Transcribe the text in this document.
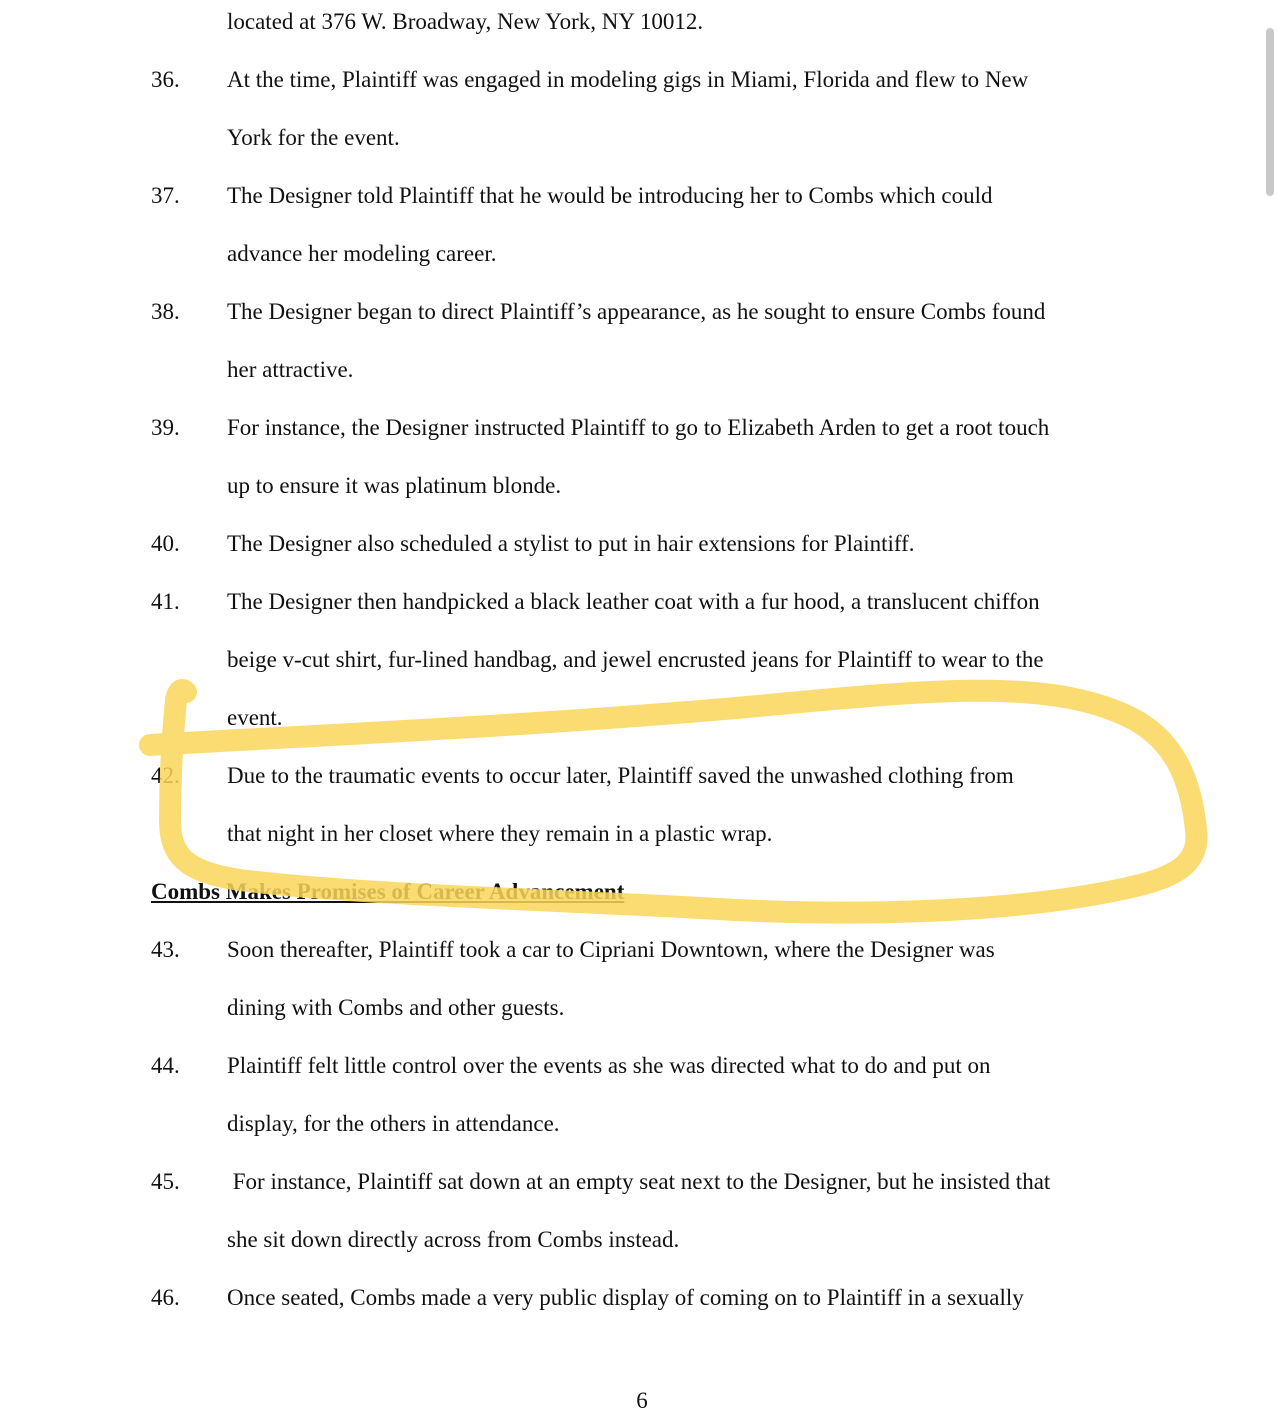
located at 376 W. Broadway, New York, NY 10012.
36. At the time, Plaintiff was engaged in modeling gigs in Miami, Florida and flew to New
York for the event.
37. The Designer told Plaintiff that he would be introducing her to Combs which could
advance her modeling career.
38. The Designer began to direct Plaintiff’s appearance, as he sought to ensure Combs found
her attractive.
39. For instance, the Designer instructed Plaintiff to go to Elizabeth Arden to get a root touch
up to ensure it was platinum blonde.
40. The Designer also scheduled a stylist to put in hair extensions for Plaintiff.
41. The Designer then handpicked a black leather coat with a fur hood, a translucent chiffon
beige v-cut shirt, fur-lined handbag, and jewel encrusted jeans for Plaintiff to wear to the
event.
42. Due to the traumatic events to occur later, Plaintiff saved the unwashed clothing from
that night in her closet where they remain in a plastic wrap.
Combs Makes Promises of Career Advancement
43. Soon thereafter, Plaintiff took a car to Cipriani Downtown, where the Designer was
dining with Combs and other guests.
44. Plaintiff felt little control over the events as she was directed what to do and put on
display, for the others in attendance.
45. For instance, Plaintiff sat down at an empty seat next to the Designer, but he insisted that
she sit down directly across from Combs instead.
46. Once seated, Combs made a very public display of coming on to Plaintiff in a sexually
6
